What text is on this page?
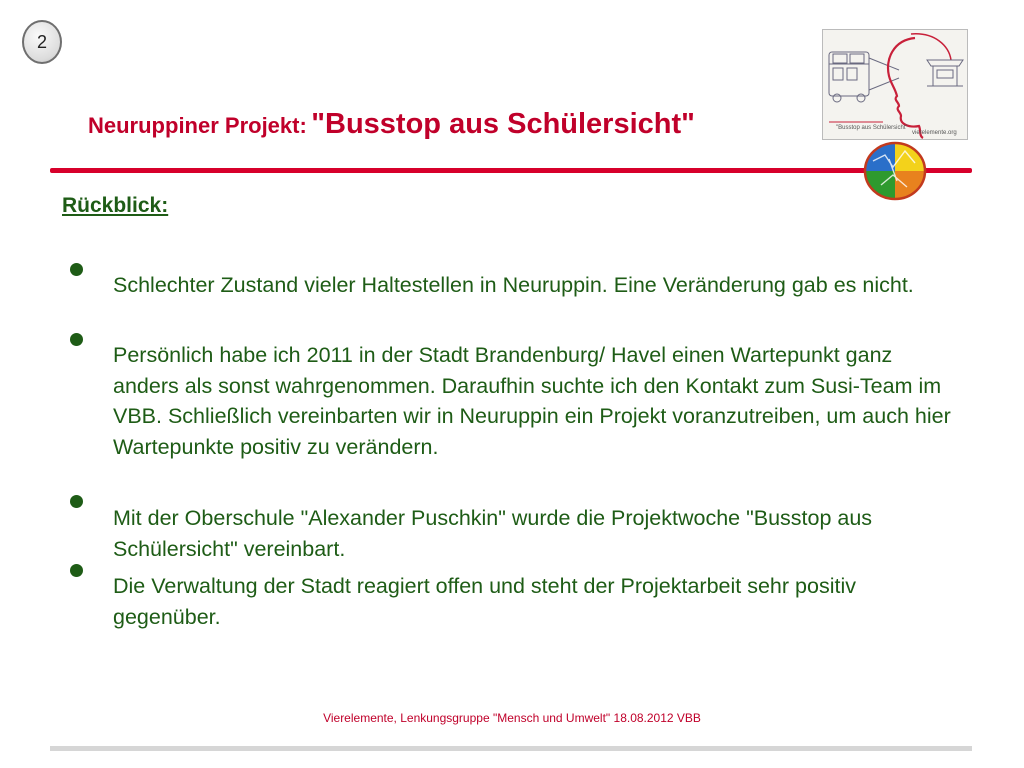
2
Neuruppiner Projekt: "Busstop aus Schülersicht"	"Busstop aus Schülersicht"
vierelemente.org
Rückblick:
Schlechter Zustand vieler Haltestellen in Neuruppin. Eine Veränderung gab es nicht.
Persönlich habe ich 2011 in der Stadt Brandenburg/ Havel einen Wartepunkt ganz anders als sonst wahrgenommen. Daraufhin suchte ich den Kontakt zum Susi-Team im VBB. Schließlich vereinbarten wir in Neuruppin ein Projekt voranzutreiben, um auch hier Wartepunkte positiv zu verändern.
Mit der Oberschule "Alexander Puschkin" wurde die Projektwoche "Busstop aus Schülersicht" vereinbart.
Die Verwaltung der Stadt reagiert offen und steht der Projektarbeit sehr positiv gegenüber.
Vierelemente, Lenkungsgruppe "Mensch und Umwelt" 18.08.2012 VBB
